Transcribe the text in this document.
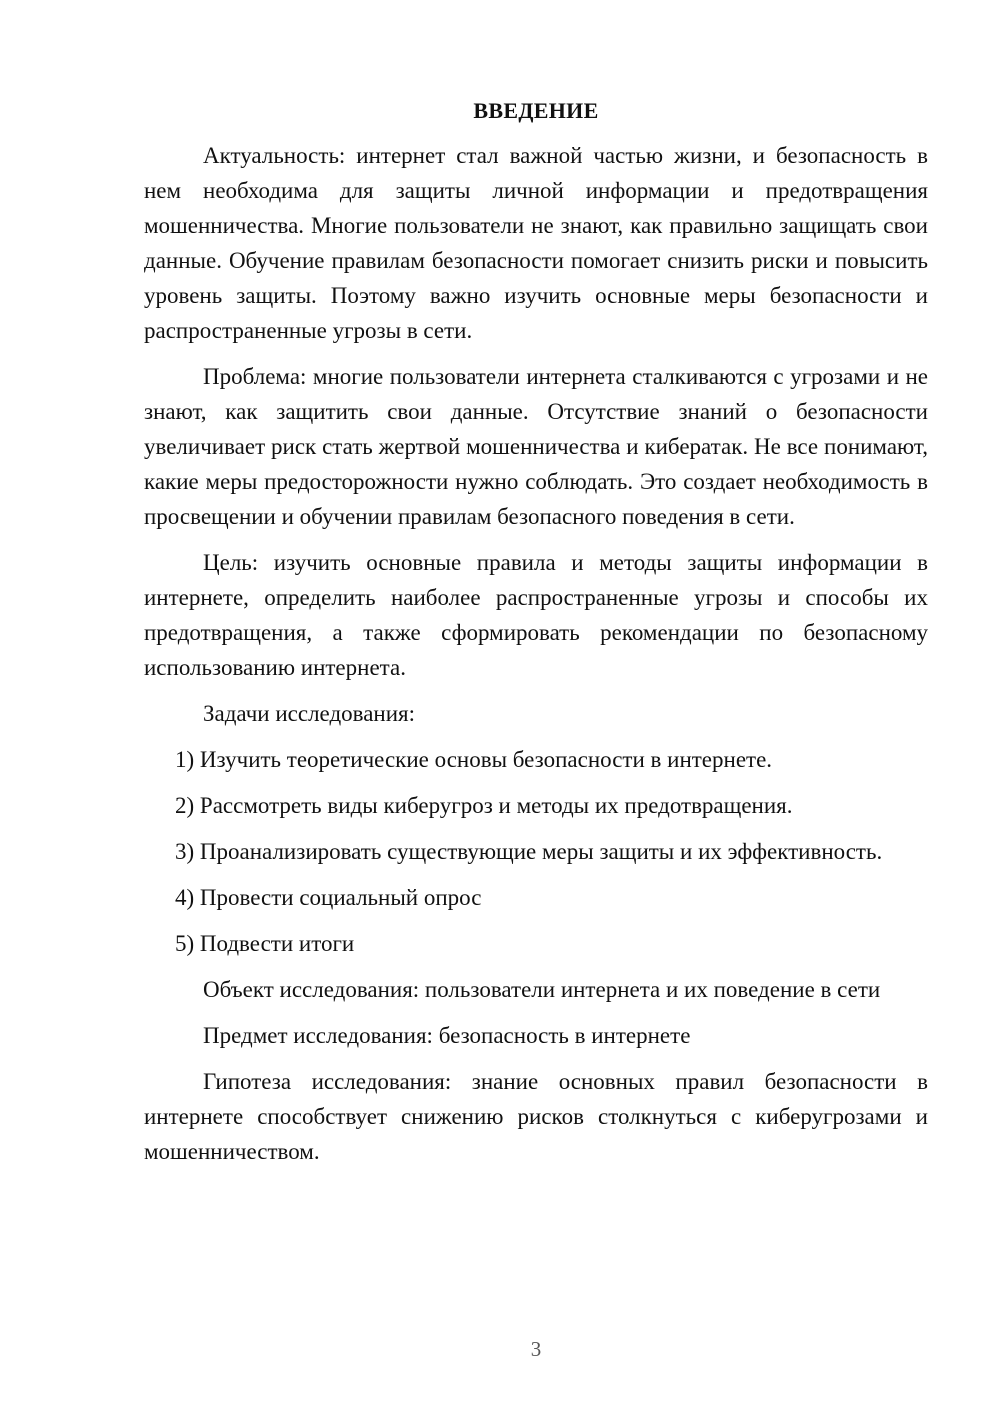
ВВЕДЕНИЕ

Актуальность: интернет стал важной частью жизни, и безопасность в нем необходима для защиты личной информации и предотвращения мошенничества. Многие пользователи не знают, как правильно защищать свои данные. Обучение правилам безопасности помогает снизить риски и повысить уровень защиты. Поэтому важно изучить основные меры безопасности и распространенные угрозы в сети.

Проблема: многие пользователи интернета сталкиваются с угрозами и не знают, как защитить свои данные. Отсутствие знаний о безопасности увеличивает риск стать жертвой мошенничества и кибератак. Не все понимают, какие меры предосторожности нужно соблюдать. Это создает необходимость в просвещении и обучении правилам безопасного поведения в сети.

Цель: изучить основные правила и методы защиты информации в интернете, определить наиболее распространенные угрозы и способы их предотвращения, а также сформировать рекомендации по безопасному использованию интернета.

Задачи исследования:

1) Изучить теоретические основы безопасности в интернете.

2) Рассмотреть виды киберугроз и методы их предотвращения.

3) Проанализировать существующие меры защиты и их эффективность.

4) Провести социальный опрос

5) Подвести итоги

Объект исследования: пользователи интернета и их поведение в сети

Предмет исследования: безопасность в интернете

Гипотеза исследования: знание основных правил безопасности в интернете способствует снижению рисков столкнуться с киберугрозами и мошенничеством.

3
